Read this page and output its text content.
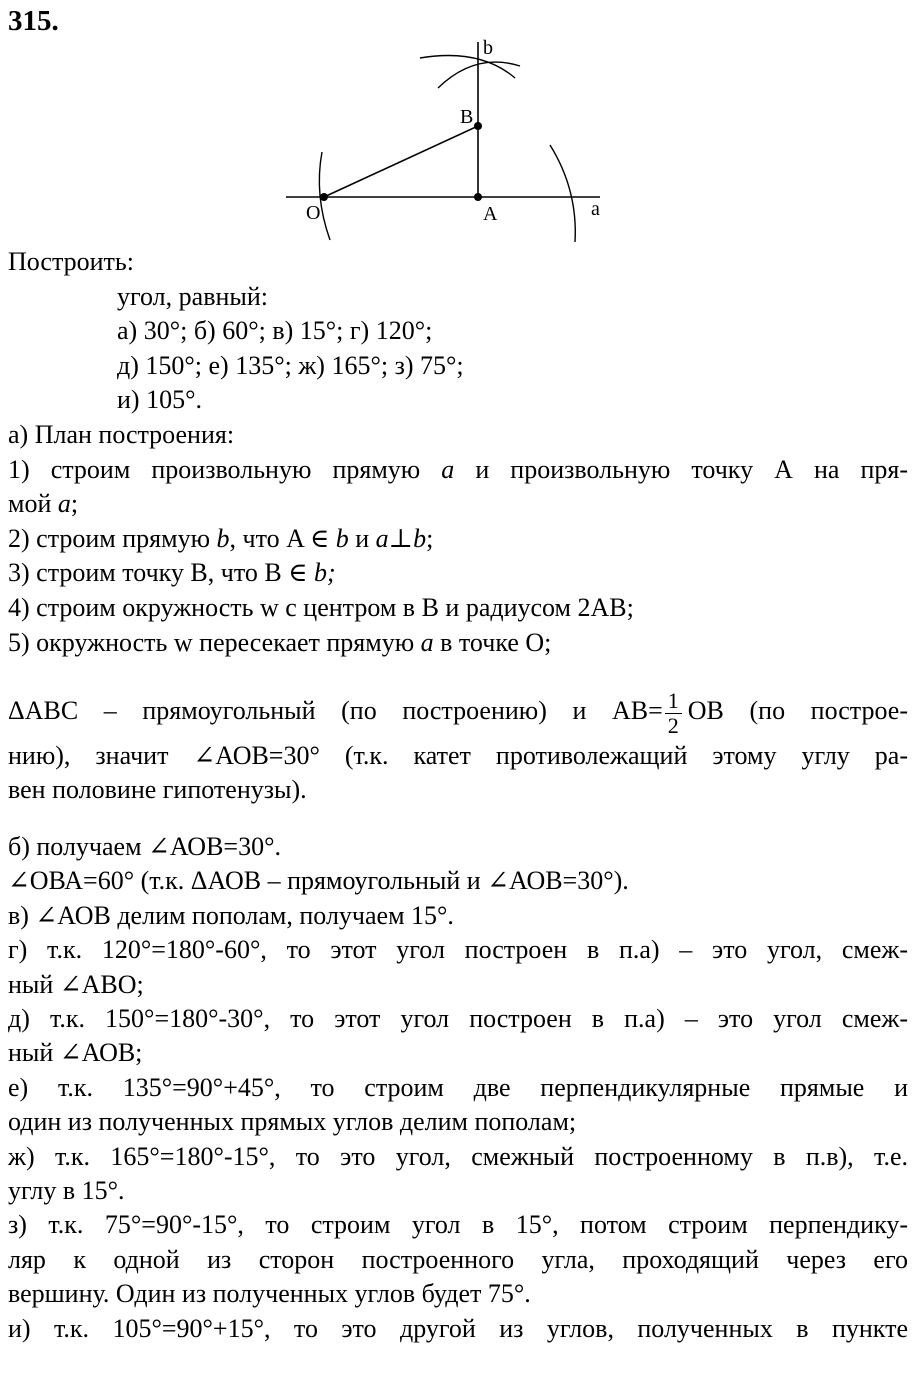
315.
b
B
O	A	a
Построить:
угол, равный:
а) 30°; б) 60°; в) 15°; г) 120°;
д) 150°; е) 135°; ж) 165°; з) 75°;
и) 105°.
а) План построения:
1) строим произвольную прямую a и произвольную точку А на пря-
мой a;
2) строим прямую b, что A ∈ b и a⊥b;
3) строим точку В, что B ∈ b;
4) строим окружность w с центром в В и радиусом 2АВ;
5) окружность w пересекает прямую a в точке О;
ΔАВС – прямоугольный (по построению) и $АВ= \frac{1}{2}$ ОВ (по построе-
нию), значит ∠АОВ=30° (т.к. катет противолежащий этому углу ра-
вен половине гипотенузы).
б) получаем ∠АОВ=30°.
∠ОВА=60° (т.к. ΔАОВ – прямоугольный и ∠АОВ=30°).
в) ∠АОВ делим пополам, получаем 15°.
г) т.к. 120°=180°-60°, то этот угол построен в п.а) – это угол, смеж-
ный ∠АВО;
д) т.к. 150°=180°-30°, то этот угол построен в п.а) – это угол смеж-
ный ∠АОВ;
е) т.к. 135°=90°+45°, то строим две перпендикулярные прямые и
один из полученных прямых углов делим пополам;
ж) т.к. 165°=180°-15°, то это угол, смежный построенному в п.в), т.е.
углу в 15°.
з) т.к. 75°=90°-15°, то строим угол в 15°, потом строим перпендику-
ляр к одной из сторон построенного угла, проходящий через его
вершину. Один из полученных углов будет 75°.
и) т.к. 105°=90°+15°, то это другой из углов, полученных в пункте
